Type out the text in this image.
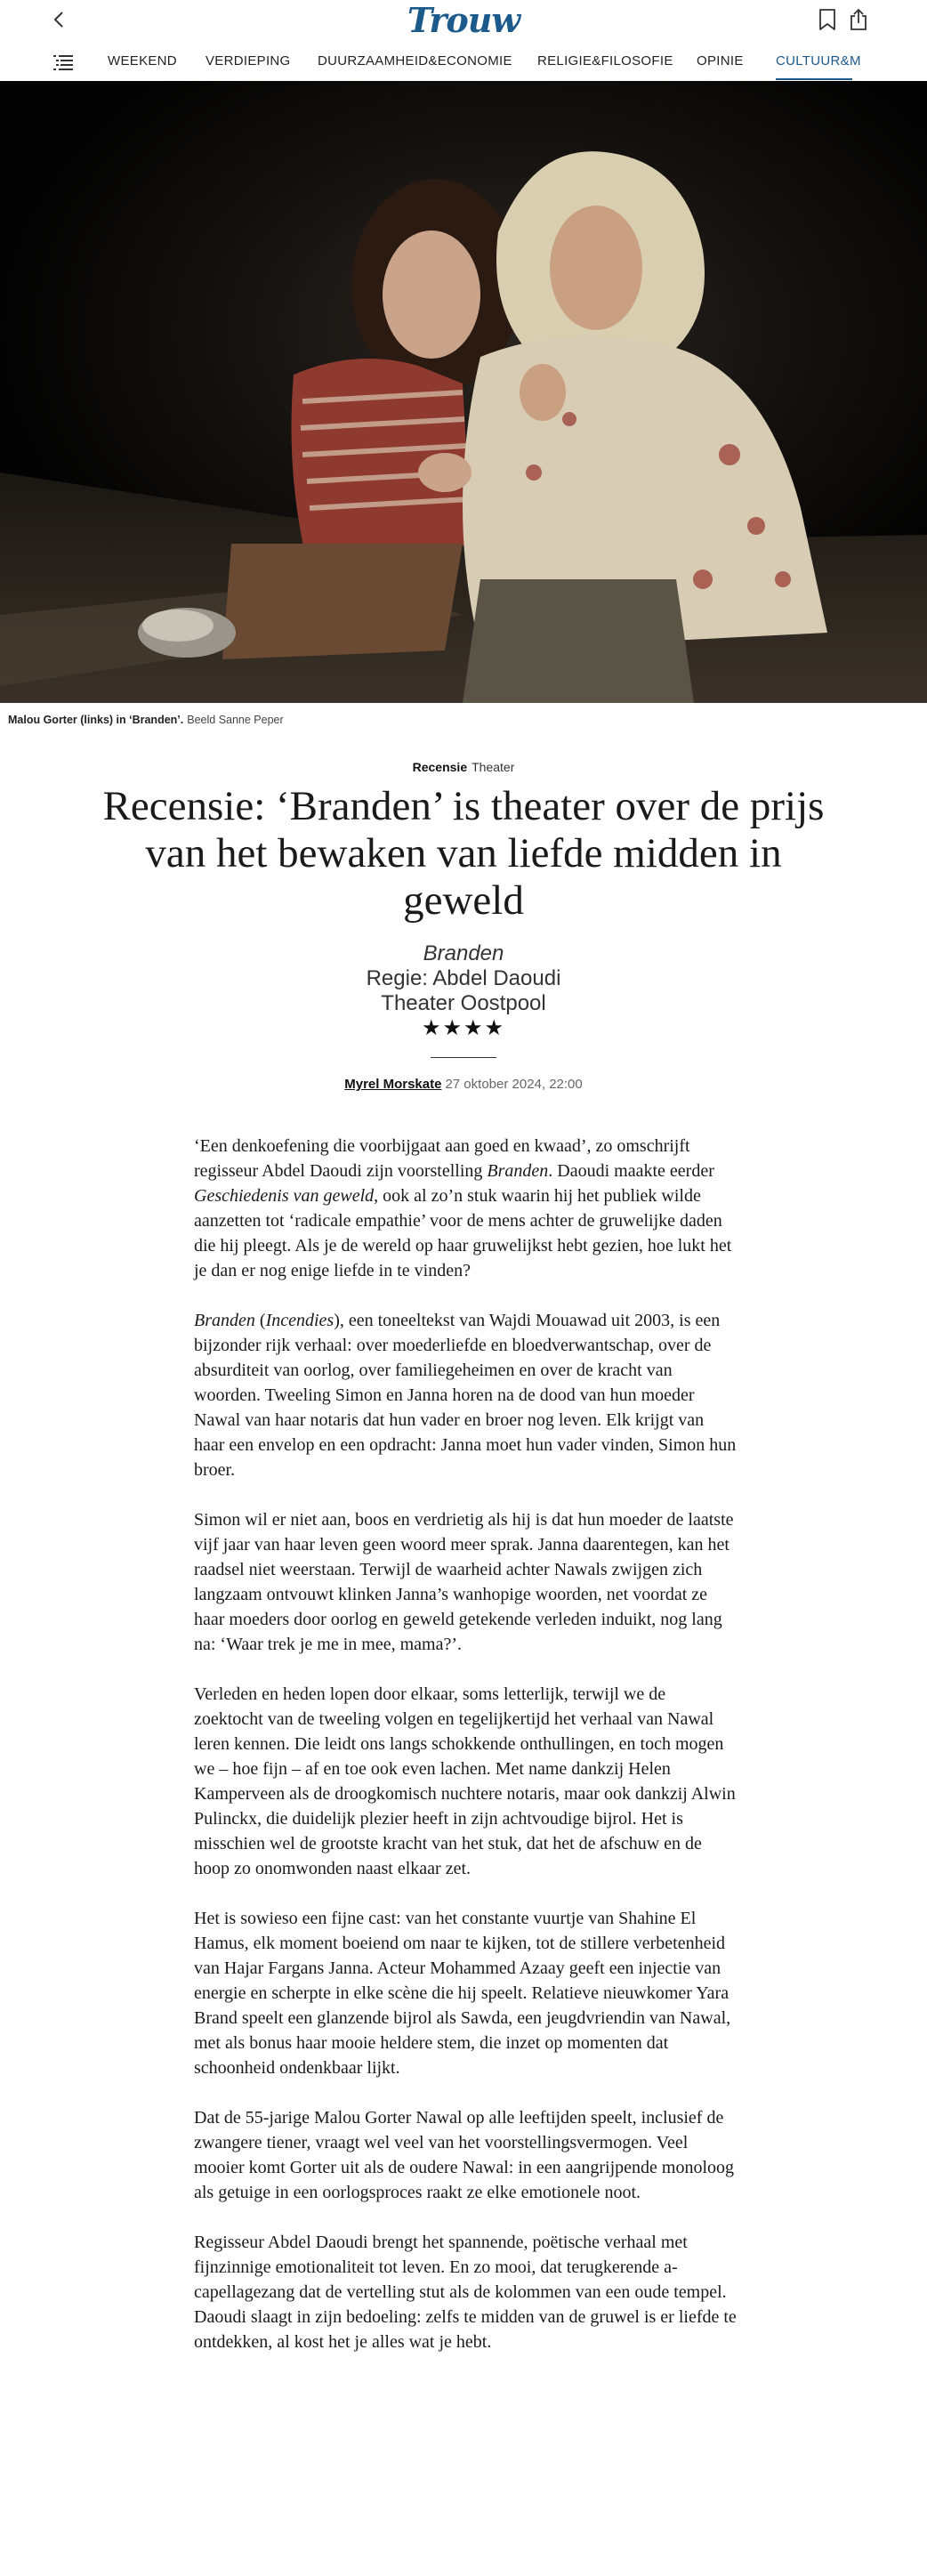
Trouw
WEEKEND VERDIEPING DUURZAAMHEID&ECONOMIE RELIGIE&FILOSOFIE OPINIE CULTUUR&M
Malou Gorter (links) in ‘Branden’. Beeld Sanne Peper
Recensie Theater
Recensie: ‘Branden’ is theater over de prijs van het bewaken van liefde midden in geweld
Branden
Regie: Abdel Daoudi
Theater Oostpool
★★★★
Myrel Morskate 27 oktober 2024, 22:00

‘Een denkoefening die voorbijgaat aan goed en kwaad’, zo omschrijft regisseur Abdel Daoudi zijn voorstelling Branden. Daoudi maakte eerder Geschiedenis van geweld, ook al zo’n stuk waarin hij het publiek wilde aanzetten tot ‘radicale empathie’ voor de mens achter de gruwelijke daden die hij pleegt. Als je de wereld op haar gruwelijkst hebt gezien, hoe lukt het je dan er nog enige liefde in te vinden?

Branden (Incendies), een toneeltekst van Wajdi Mouawad uit 2003, is een bijzonder rijk verhaal: over moederliefde en bloedverwantschap, over de absurditeit van oorlog, over familiegeheimen en over de kracht van woorden. Tweeling Simon en Janna horen na de dood van hun moeder Nawal van haar notaris dat hun vader en broer nog leven. Elk krijgt van haar een envelop en een opdracht: Janna moet hun vader vinden, Simon hun broer.

Simon wil er niet aan, boos en verdrietig als hij is dat hun moeder de laatste vijf jaar van haar leven geen woord meer sprak. Janna daarentegen, kan het raadsel niet weerstaan. Terwijl de waarheid achter Nawals zwijgen zich langzaam ontvouwt klinken Janna’s wanhopige woorden, net voordat ze haar moeders door oorlog en geweld getekende verleden induikt, nog lang na: ‘Waar trek je me in mee, mama?’.

Verleden en heden lopen door elkaar, soms letterlijk, terwijl we de zoektocht van de tweeling volgen en tegelijkertijd het verhaal van Nawal leren kennen. Die leidt ons langs schokkende onthullingen, en toch mogen we – hoe fijn – af en toe ook even lachen. Met name dankzij Helen Kamperveen als de droogkomisch nuchtere notaris, maar ook dankzij Alwin Pulinckx, die duidelijk plezier heeft in zijn achtvoudige bijrol. Het is misschien wel de grootste kracht van het stuk, dat het de afschuw en de hoop zo onomwonden naast elkaar zet.

Het is sowieso een fijne cast: van het constante vuurtje van Shahine El Hamus, elk moment boeiend om naar te kijken, tot de stillere verbetenheid van Hajar Fargans Janna. Acteur Mohammed Azaay geeft een injectie van energie en scherpte in elke scène die hij speelt. Relatieve nieuwkomer Yara Brand speelt een glanzende bijrol als Sawda, een jeugdvriendin van Nawal, met als bonus haar mooie heldere stem, die inzet op momenten dat schoonheid ondenkbaar lijkt.

Dat de 55-jarige Malou Gorter Nawal op alle leeftijden speelt, inclusief de zwangere tiener, vraagt wel veel van het voorstellingsvermogen. Veel mooier komt Gorter uit als de oudere Nawal: in een aangrijpende monoloog als getuige in een oorlogsproces raakt ze elke emotionele noot.

Regisseur Abdel Daoudi brengt het spannende, poëtische verhaal met fijnzinnige emotionaliteit tot leven. En zo mooi, dat terugkerende a-capellagezang dat de vertelling stut als de kolommen van een oude tempel. Daoudi slaagt in zijn bedoeling: zelfs te midden van de gruwel is er liefde te ontdekken, al kost het je alles wat je hebt.
